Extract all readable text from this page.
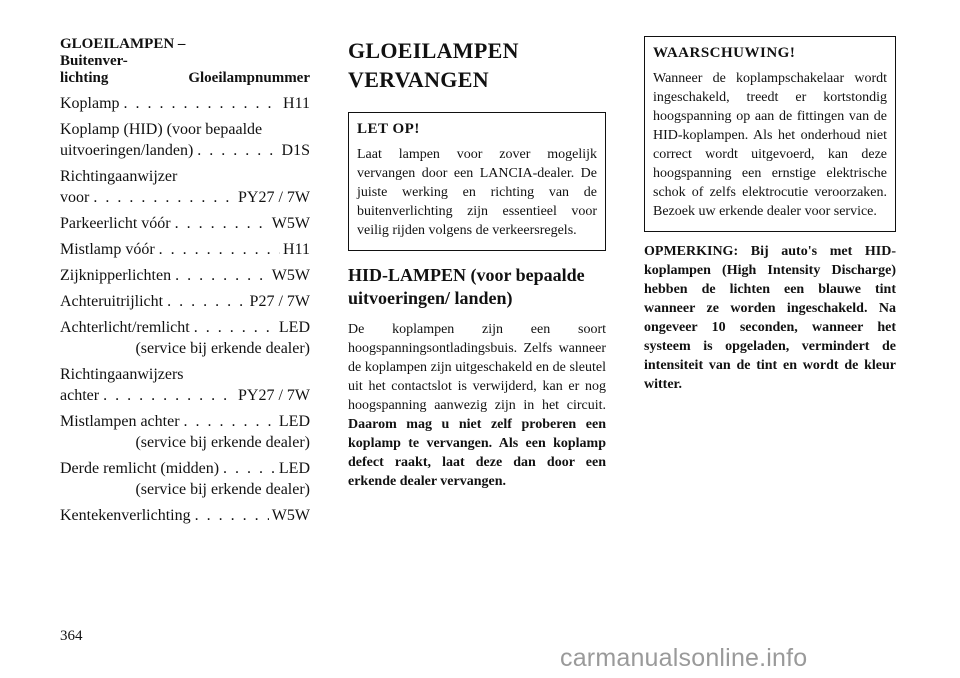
GLOEILAMPEN –
Buitenver-
lichting	Gloeilampnummer
Koplamp . . .	H11
Koplamp (HID) (voor bepaalde
uitvoeringen/landen) . . .	D1S
Richtingaanwijzer
voor . . .	PY27 / 7W
Parkeerlicht vóór . . .	W5W
Mistlamp vóór . . .	H11
Zijknipperlichten . . .	W5W
Achteruitrijlicht . . .	P27 / 7W
Achterlicht/remlicht . . .	LED
(service bij erkende dealer)
Richtingaanwijzers
achter . . .	PY27 / 7W
Mistlampen achter . . .	LED
(service bij erkende dealer)
Derde remlicht (midden) . . .	LED
(service bij erkende dealer)
Kentekenverlichting . . .	W5W
GLOEILAMPEN
VERVANGEN
LET OP!

Laat lampen voor zover mogelijk vervangen door een LANCIA-dealer. De juiste werking en richting van de buitenverlichting zijn essentieel voor veilig rijden volgens de verkeersregels.

HID-LAMPEN (voor bepaalde uitvoeringen/ landen)

De koplampen zijn een soort hoogspanningsontladingsbuis. Zelfs wanneer de koplampen zijn uitgeschakeld en de sleutel uit het contactslot is verwijderd, kan er nog hoogspanning aanwezig zijn in het circuit. Daarom mag u niet zelf proberen een koplamp te vervangen. Als een koplamp defect raakt, laat deze dan door een erkende dealer vervangen.

WAARSCHUWING!

Wanneer de koplampschakelaar wordt ingeschakeld, treedt er kortstondig hoogspanning op aan de fittingen van de HID-koplampen. Als het onderhoud niet correct wordt uitgevoerd, kan deze hoogspanning een ernstige elektrische schok of zelfs elektrocutie veroorzaken. Bezoek uw erkende dealer voor service.

OPMERKING: Bij auto's met HID-koplampen (High Intensity Discharge) hebben de lichten een blauwe tint wanneer ze worden ingeschakeld. Na ongeveer 10 seconden, wanneer het systeem is opgeladen, vermindert de intensiteit van de tint en wordt de kleur witter.

364
carmanualsonline.info
